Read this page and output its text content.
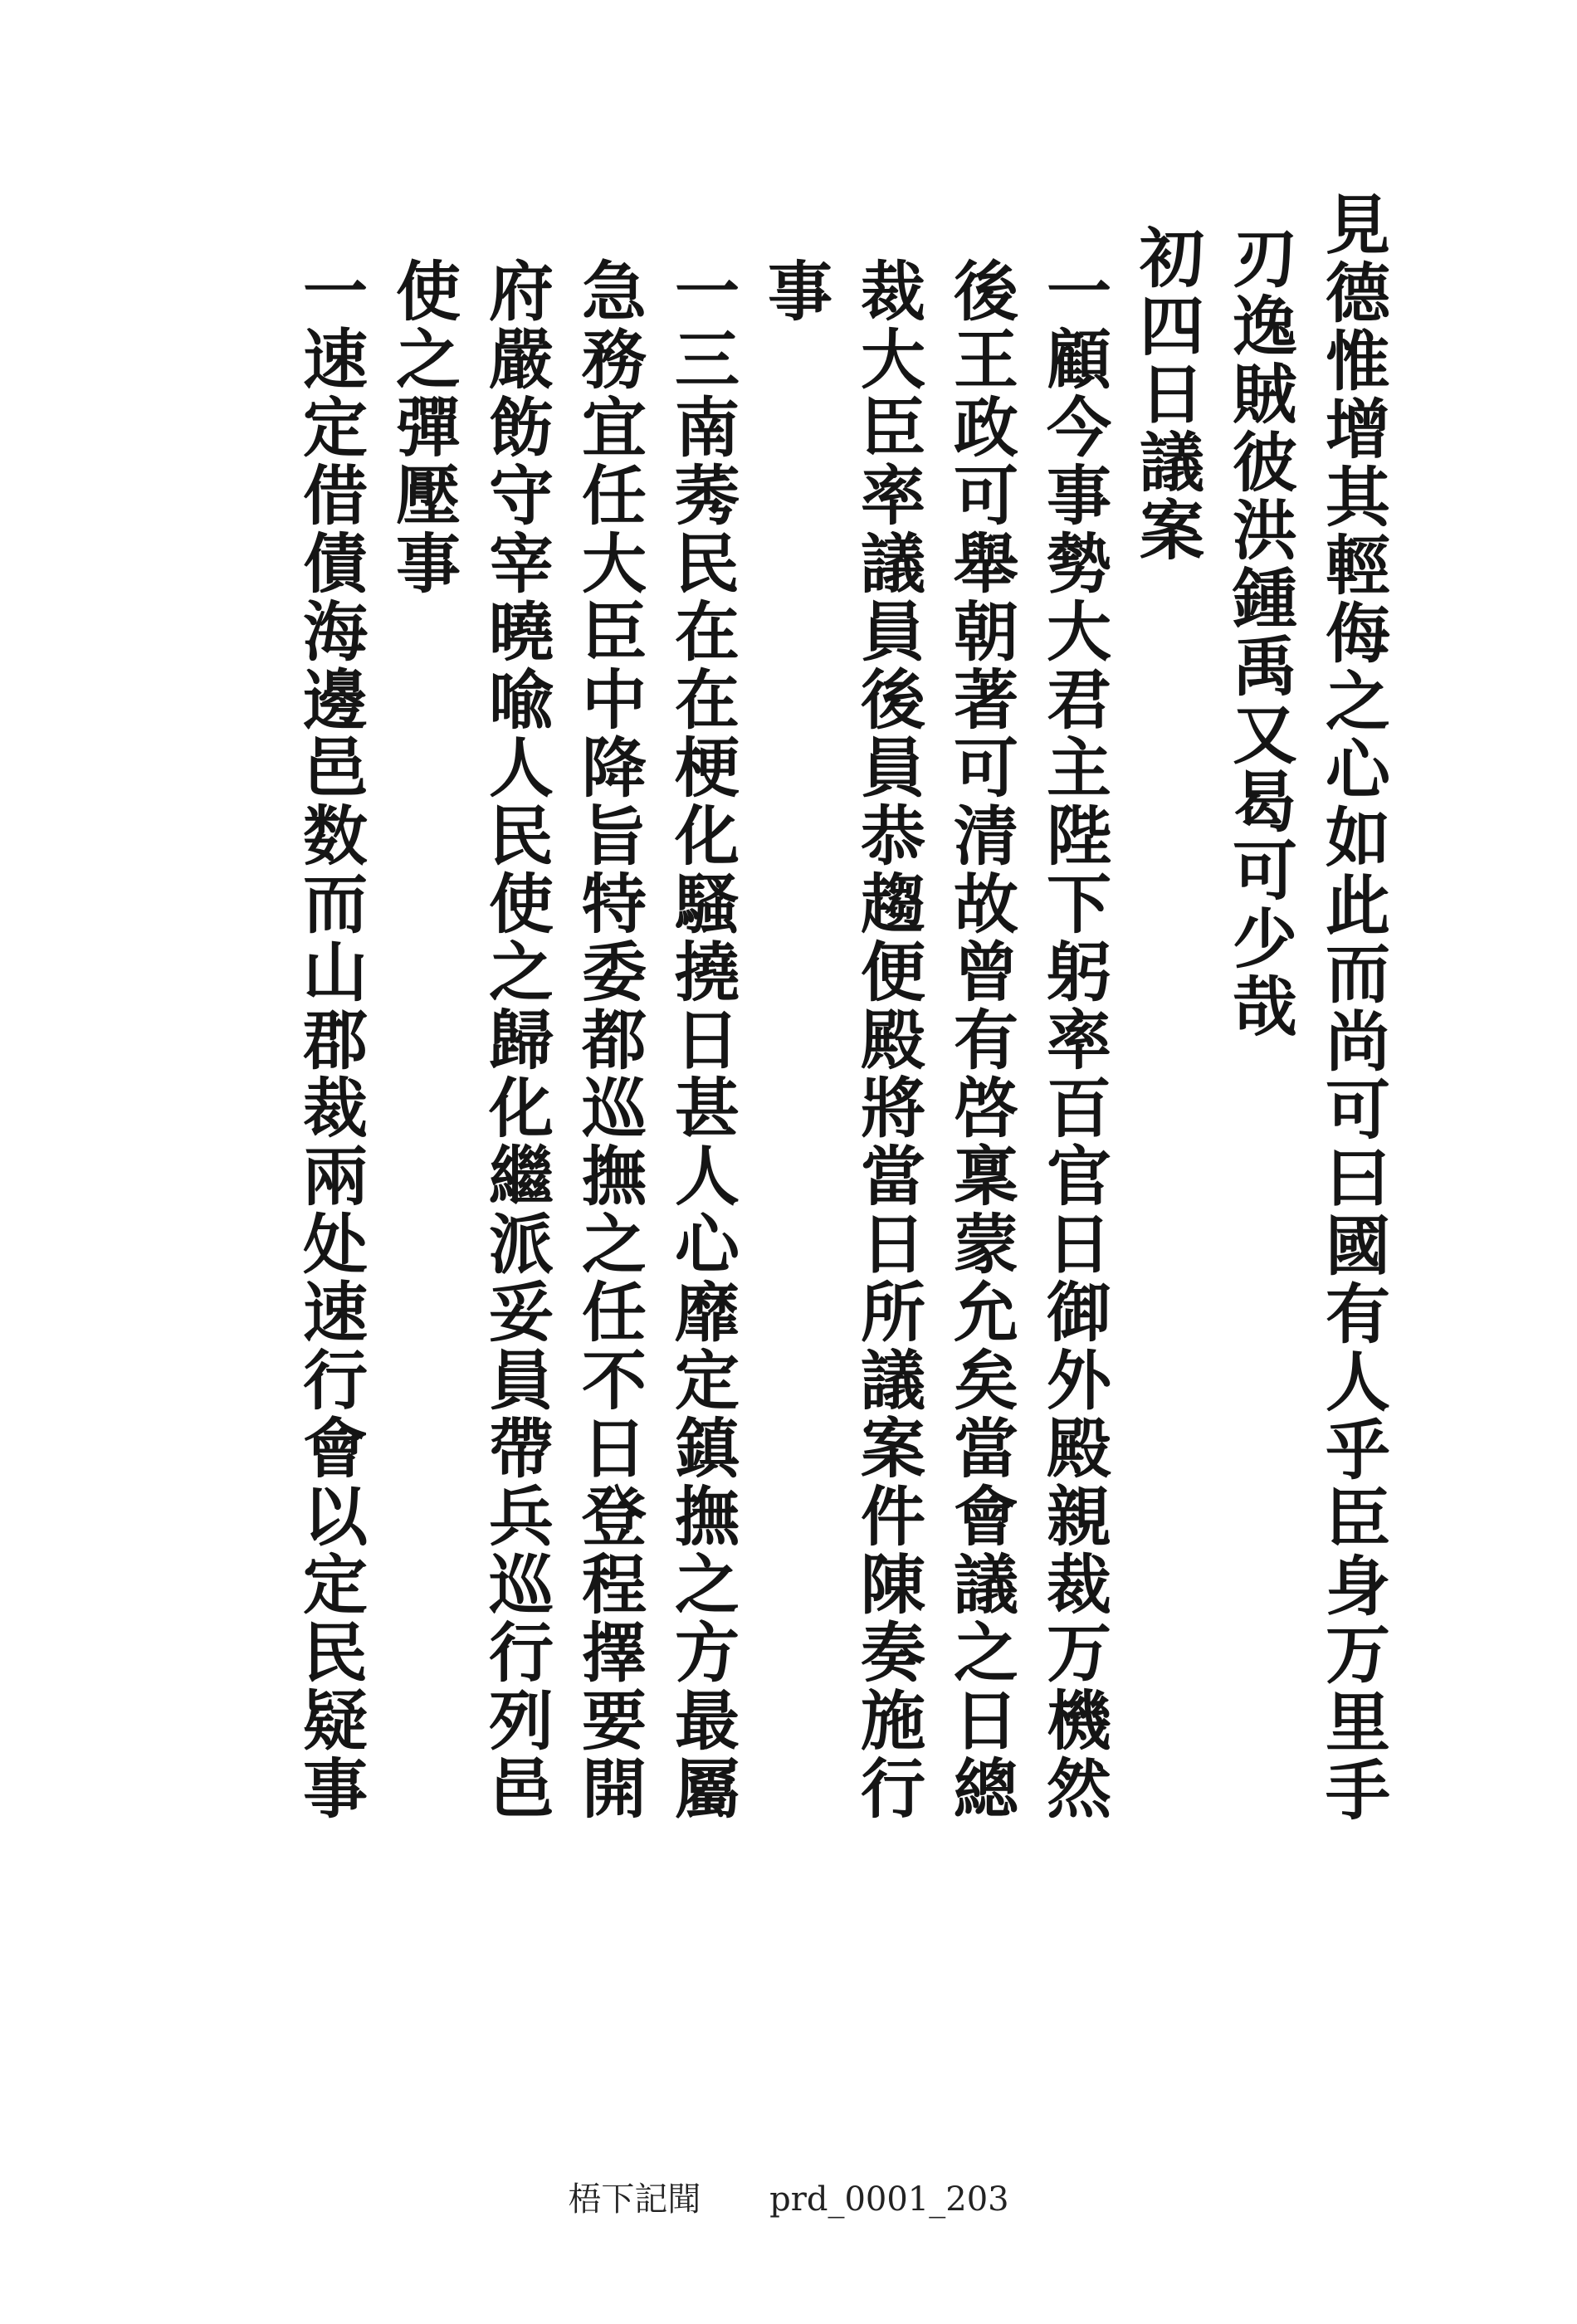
見德惟增其輕侮之心如此而尚可曰國有人乎臣身万里手
刃逸賊彼洪鍾禹又曷可少哉
初四日議案
一顧今事勢大君主陛下躬率百官日御外殿親裁万機然
後王政可舉朝著可清故曾有啓稟蒙允矣當會議之日總
裁大臣率議員後員恭趨便殿將當日所議案件陳奏施行
事
一三南莠民在在梗化騷撓日甚人心靡定鎮撫之方最屬
急務宜任大臣中降旨特委都巡撫之任不日登程擇要開
府嚴飭守宰曉喩人民使之歸化繼派妥員帶兵巡行列邑
使之彈壓事
一速定借債海邊邑数而山郡裁兩处速行會以定民疑事
梧下記聞 prd_0001_203
